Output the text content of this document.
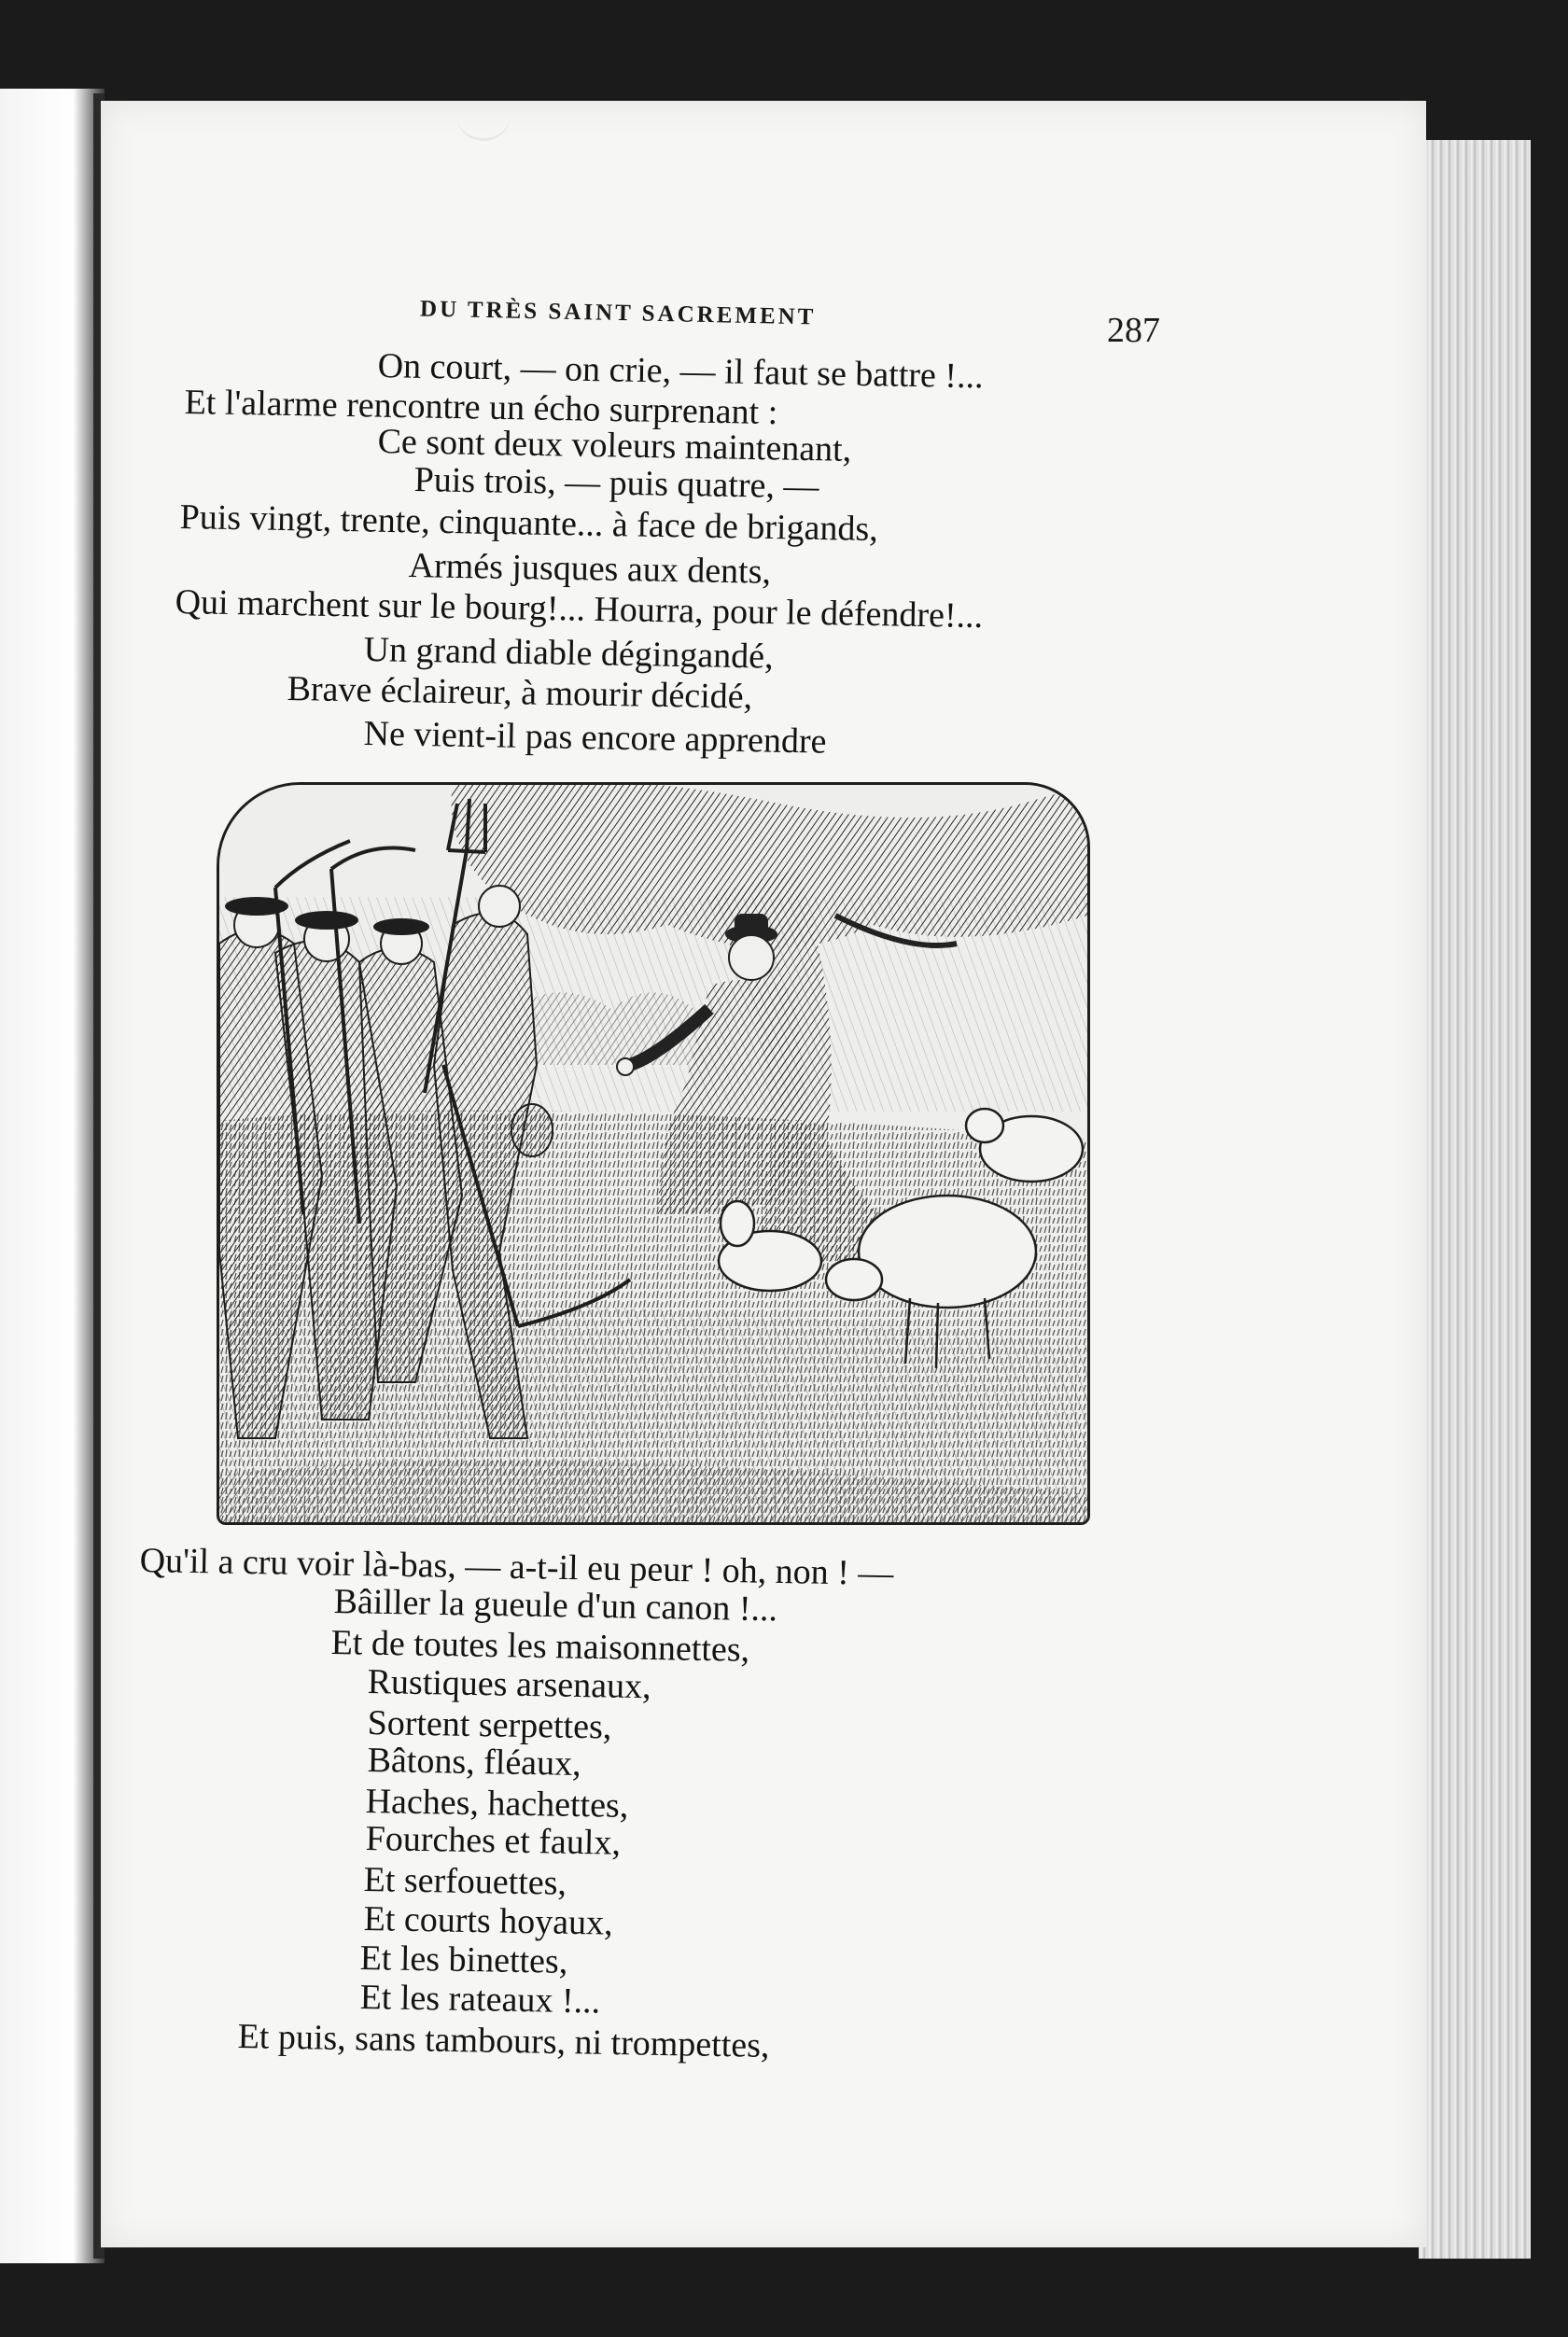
DU TRÈS SAINT SACREMENT	287
On court, — on crie, — il faut se battre !...
Et l'alarme rencontre un écho surprenant :
Ce sont deux voleurs maintenant,
Puis trois, — puis quatre, —
Puis vingt, trente, cinquante... à face de brigands,
Armés jusques aux dents,
Qui marchent sur le bourg!... Hourra, pour le défendre!...
Un grand diable dégingandé,
Brave éclaireur, à mourir décidé,
Ne vient-il pas encore apprendre
Qu'il a cru voir là-bas, — a-t-il eu peur ! oh, non ! —
Bâiller la gueule d'un canon !...
Et de toutes les maisonnettes,
Rustiques arsenaux,
Sortent serpettes,
Bâtons, fléaux,
Haches, hachettes,
Fourches et faulx,
Et serfouettes,
Et courts hoyaux,
Et les binettes,
Et les rateaux !...
Et puis, sans tambours, ni trompettes,
